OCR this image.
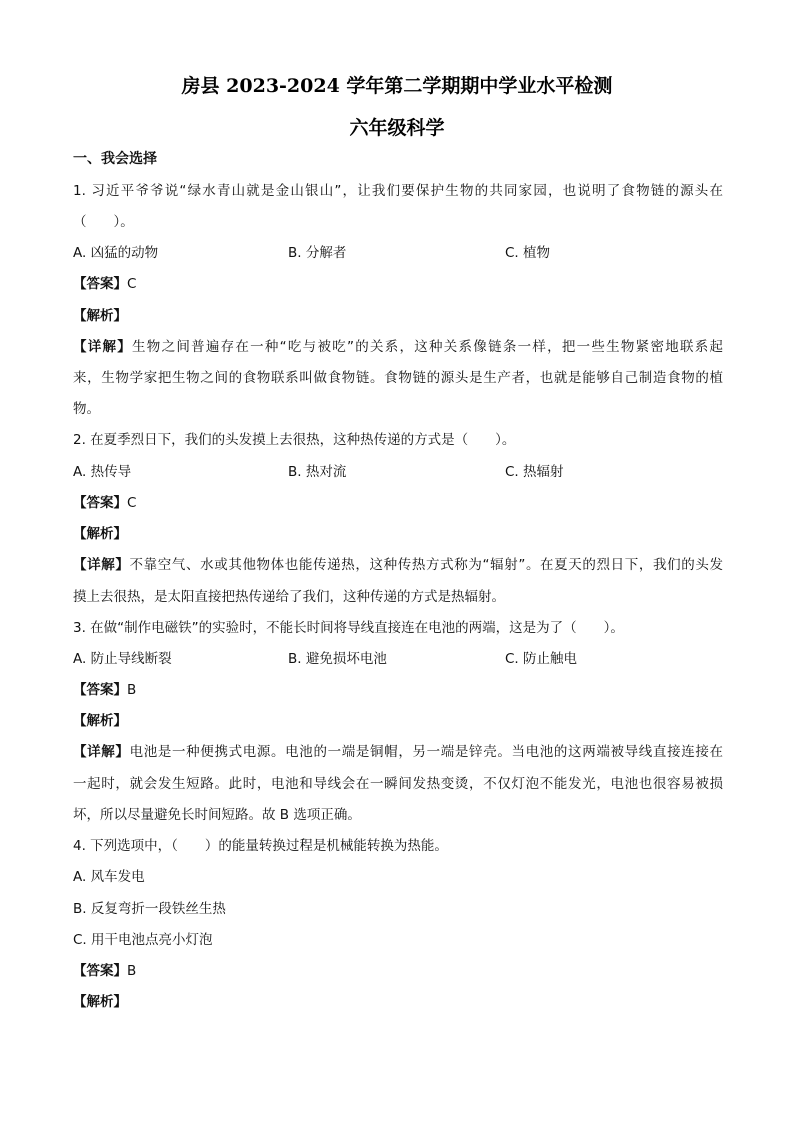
房县 2023-2024 学年第二学期期中学业水平检测
六年级科学
一、我会选择
1. 习近平爷爷说“绿水青山就是金山银山”，让我们要保护生物的共同家园，也说明了食物链的源头在
（　　）。
A. 凶猛的动物	B. 分解者	C. 植物
【答案】C
【解析】
【详解】生物之间普遍存在一种“吃与被吃”的关系，这种关系像链条一样，把一些生物紧密地联系起
来，生物学家把生物之间的食物联系叫做食物链。食物链的源头是生产者，也就是能够自己制造食物的植
物。
2. 在夏季烈日下，我们的头发摸上去很热，这种热传递的方式是（　　）。
A. 热传导	B. 热对流	C. 热辐射
【答案】C
【解析】
【详解】不靠空气、水或其他物体也能传递热，这种传热方式称为“辐射”。在夏天的烈日下，我们的头发
摸上去很热，是太阳直接把热传递给了我们，这种传递的方式是热辐射。
3. 在做“制作电磁铁”的实验时，不能长时间将导线直接连在电池的两端，这是为了（　　）。
A. 防止导线断裂	B. 避免损坏电池	C. 防止触电
【答案】B
【解析】
【详解】电池是一种便携式电源。电池的一端是铜帽，另一端是锌壳。当电池的这两端被导线直接连接在
一起时，就会发生短路。此时，电池和导线会在一瞬间发热变烫，不仅灯泡不能发光，电池也很容易被损
坏，所以尽量避免长时间短路。故 B 选项正确。
4. 下列选项中，（　　）的能量转换过程是机械能转换为热能。
A. 风车发电
B. 反复弯折一段铁丝生热
C. 用干电池点亮小灯泡
【答案】B
【解析】
